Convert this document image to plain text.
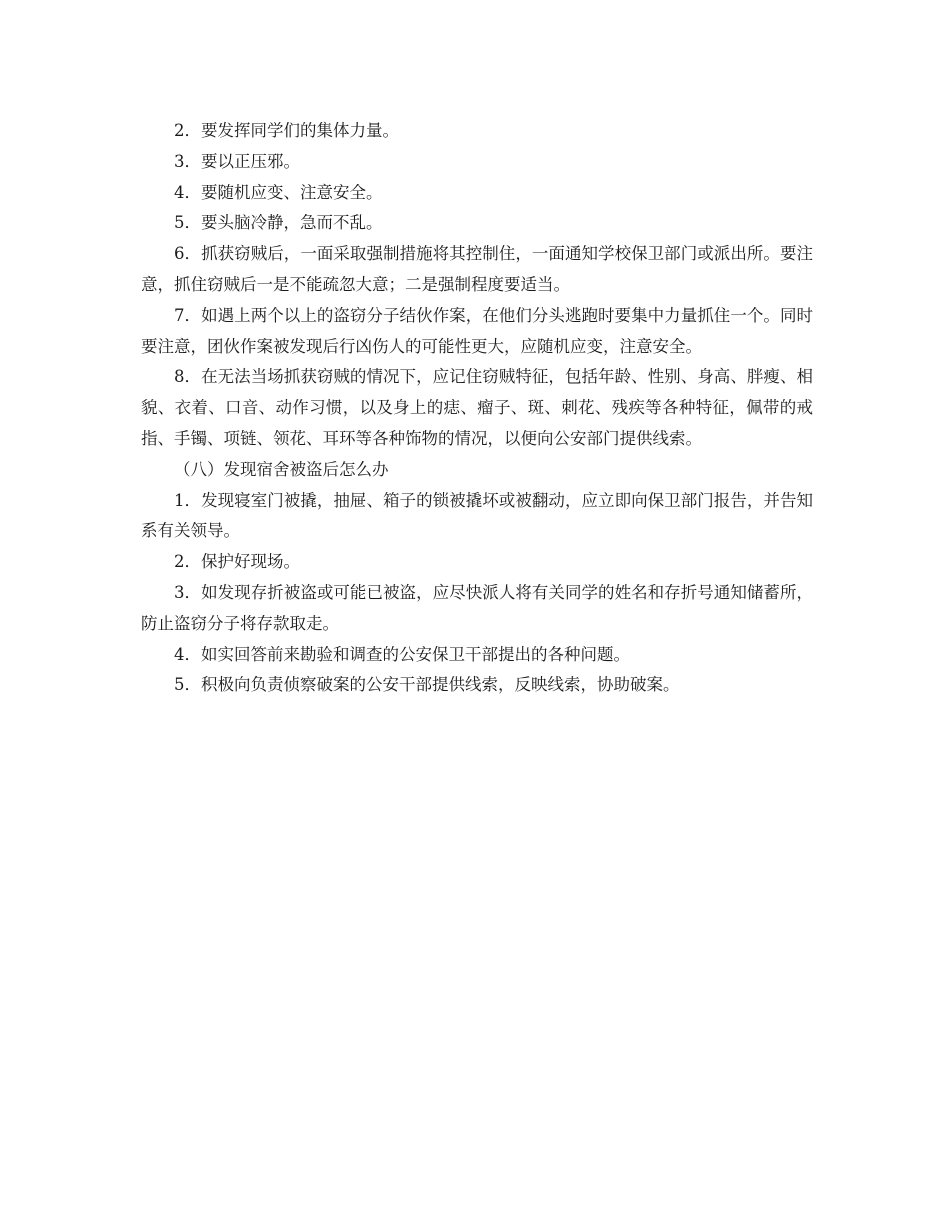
2．要发挥同学们的集体力量。

3．要以正压邪。

4．要随机应变、注意安全。

5．要头脑冷静，急而不乱。

6．抓获窃贼后，一面采取强制措施将其控制住，一面通知学校保卫部门或派出所。要注意，抓住窃贼后一是不能疏忽大意；二是强制程度要适当。

7．如遇上两个以上的盗窃分子结伙作案，在他们分头逃跑时要集中力量抓住一个。同时要注意，团伙作案被发现后行凶伤人的可能性更大，应随机应变，注意安全。

8．在无法当场抓获窃贼的情况下，应记住窃贼特征，包括年龄、性别、身高、胖瘦、相貌、衣着、口音、动作习惯，以及身上的痣、瘤子、斑、刺花、残疾等各种特征，佩带的戒指、手镯、项链、领花、耳环等各种饰物的情况，以便向公安部门提供线索。

（八）发现宿舍被盗后怎么办

1．发现寝室门被撬，抽屉、箱子的锁被撬坏或被翻动，应立即向保卫部门报告，并告知系有关领导。

2．保护好现场。

3．如发现存折被盗或可能已被盗，应尽快派人将有关同学的姓名和存折号通知储蓄所，防止盗窃分子将存款取走。

4．如实回答前来勘验和调查的公安保卫干部提出的各种问题。

5．积极向负责侦察破案的公安干部提供线索，反映线索，协助破案。
